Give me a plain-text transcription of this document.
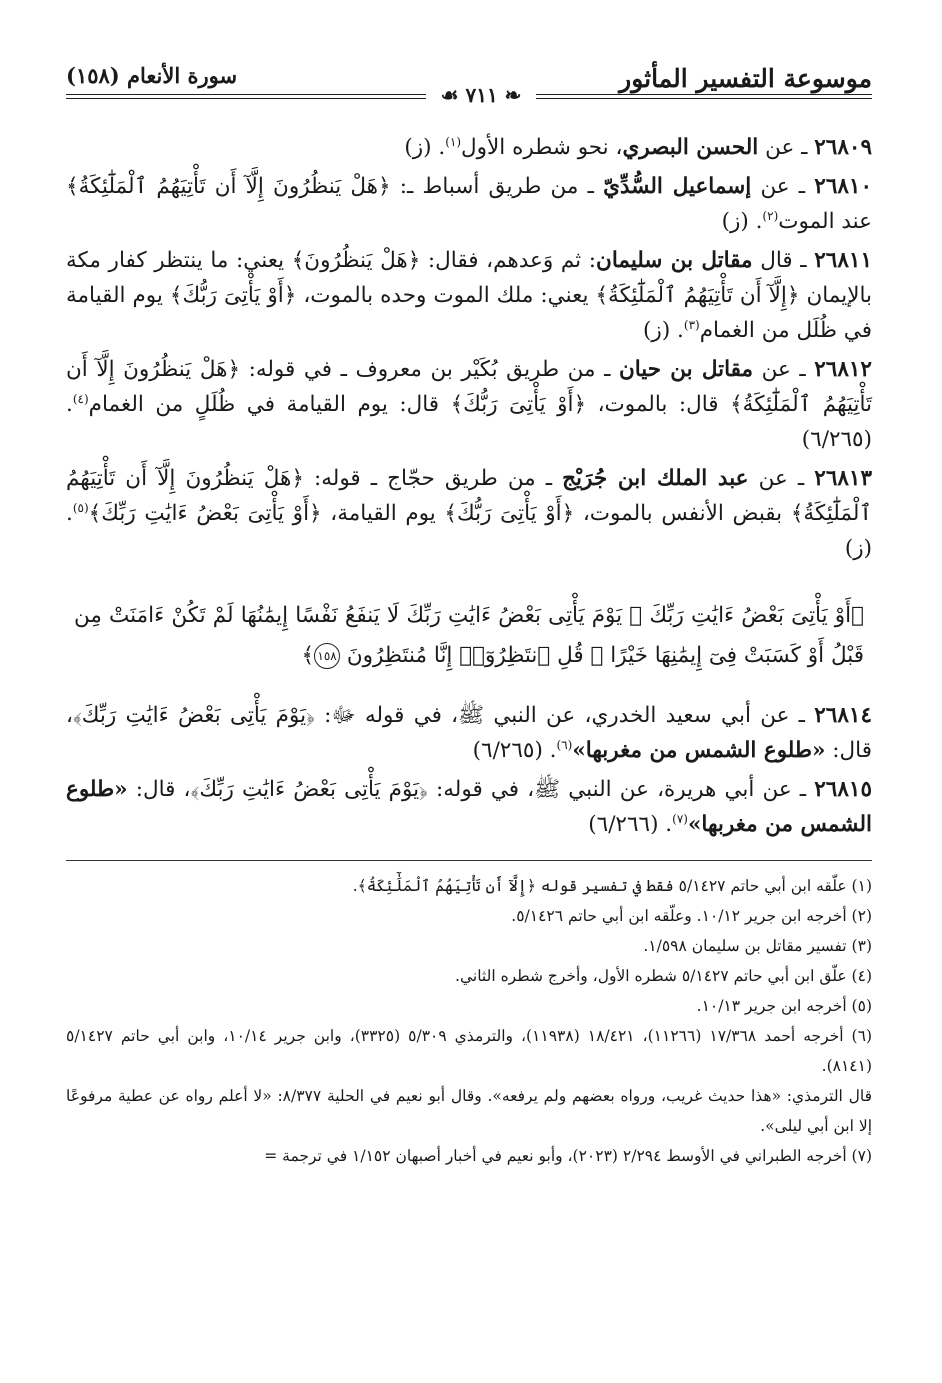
موسوعة التفسير المأثور
❧ ٧١١ ☙
سورة الأنعام (١٥٨)

٢٦٨٠٩ ـ عن الحسن البصري، نحو شطره الأول$^{(١)}$. (ز)

٢٦٨١٠ ـ عن إسماعيل السُّدِّيّ ـ من طريق أسباط ـ: ﴿هَلْ يَنظُرُونَ إِلَّآ أَن تَأْتِيَهُمُ ٱلْمَلَٰٓئِكَةُ﴾ عند الموت$^{(٢)}$. (ز)

٢٦٨١١ ـ قال مقاتل بن سليمان: ثم وَعدهم، فقال: ﴿هَلْ يَنظُرُونَ﴾ يعني: ما ينتظر كفار مكة بالإيمان ﴿إِلَّآ أَن تَأْتِيَهُمُ ٱلْمَلَٰٓئِكَةُ﴾ يعني: ملك الموت وحده بالموت، ﴿أَوْ يَأْتِىَ رَبُّكَ﴾ يوم القيامة في ظُلَل من الغمام$^{(٣)}$. (ز)

٢٦٨١٢ ـ عن مقاتل بن حيان ـ من طريق بُكَيْر بن معروف ـ في قوله: ﴿هَلْ يَنظُرُونَ إِلَّآ أَن تَأْتِيَهُمُ ٱلْمَلَٰٓئِكَةُ﴾ قال: بالموت، ﴿أَوْ يَأْتِىَ رَبُّكَ﴾ قال: يوم القيامة في ظُلَلٍ من الغمام$^{(٤)}$. (٦/٢٦٥)

٢٦٨١٣ ـ عن عبد الملك ابن جُرَيْج ـ من طريق حجّاج ـ قوله: ﴿هَلْ يَنظُرُونَ إِلَّآ أَن تَأْتِيَهُمُ ٱلْمَلَٰٓئِكَةُ﴾ بقبض الأنفس بالموت، ﴿أَوْ يَأْتِىَ رَبُّكَ﴾ يوم القيامة، ﴿أَوْ يَأْتِىَ بَعْضُ ءَايَٰتِ رَبِّكَ﴾$^{(٥)}$. (ز)

﴿أَوْ يَأْتِىَ بَعْضُ ءَايَٰتِ رَبِّكَ ۗ يَوْمَ يَأْتِى بَعْضُ ءَايَٰتِ رَبِّكَ لَا يَنفَعُ نَفْسًا إِيمَٰنُهَا لَمْ تَكُنْ ءَامَنَتْ مِن قَبْلُ أَوْ كَسَبَتْ فِىٓ إِيمَٰنِهَا خَيْرًا ۗ قُلِ ٱنتَظِرُوٓا۟ إِنَّا مُنتَظِرُونَ ١٥٨﴾

٢٦٨١٤ ـ عن أبي سعيد الخدري، عن النبي ﷺ، في قوله ﷻ: ﴿يَوْمَ يَأْتِى بَعْضُ ءَايَٰتِ رَبِّكَ﴾، قال: «طلوع الشمس من مغربها»$^{(٦)}$. (٦/٢٦٥)

٢٦٨١٥ ـ عن أبي هريرة، عن النبي ﷺ، في قوله: ﴿يَوْمَ يَأْتِى بَعْضُ ءَايَٰتِ رَبِّكَ﴾، قال: «طلوع الشمس من مغربها»$^{(٧)}$. (٦/٢٦٦)

(١) علّقه ابن أبي حاتم ٥/١٤٢٧ فقط في تفسير قوله ﴿إِلَّآ أَن تَأْتِيَهُمُ ٱلْمَلَٰٓئِكَةُ﴾.

(٢) أخرجه ابن جرير ١٠/١٢. وعلّقه ابن أبي حاتم ٥/١٤٢٦.

(٣) تفسير مقاتل بن سليمان ١/٥٩٨.

(٤) علّق ابن أبي حاتم ٥/١٤٢٧ شطره الأول، وأخرج شطره الثاني.

(٥) أخرجه ابن جرير ١٠/١٣.

(٦) أخرجه أحمد ١٧/٣٦٨ (١١٢٦٦)، ١٨/٤٢١ (١١٩٣٨)، والترمذي ٥/٣٠٩ (٣٣٢٥)، وابن جرير ١٠/١٤، وابن أبي حاتم ٥/١٤٢٧ (٨١٤١).

قال الترمذي: «هذا حديث غريب، ورواه بعضهم ولم يرفعه». وقال أبو نعيم في الحلية ٨/٣٧٧: «لا أعلم رواه عن عطية مرفوعًا إلا ابن أبي ليلى».

(٧) أخرجه الطبراني في الأوسط ٢/٢٩٤ (٢٠٢٣)، وأبو نعيم في أخبار أصبهان ١/١٥٢ في ترجمة =
